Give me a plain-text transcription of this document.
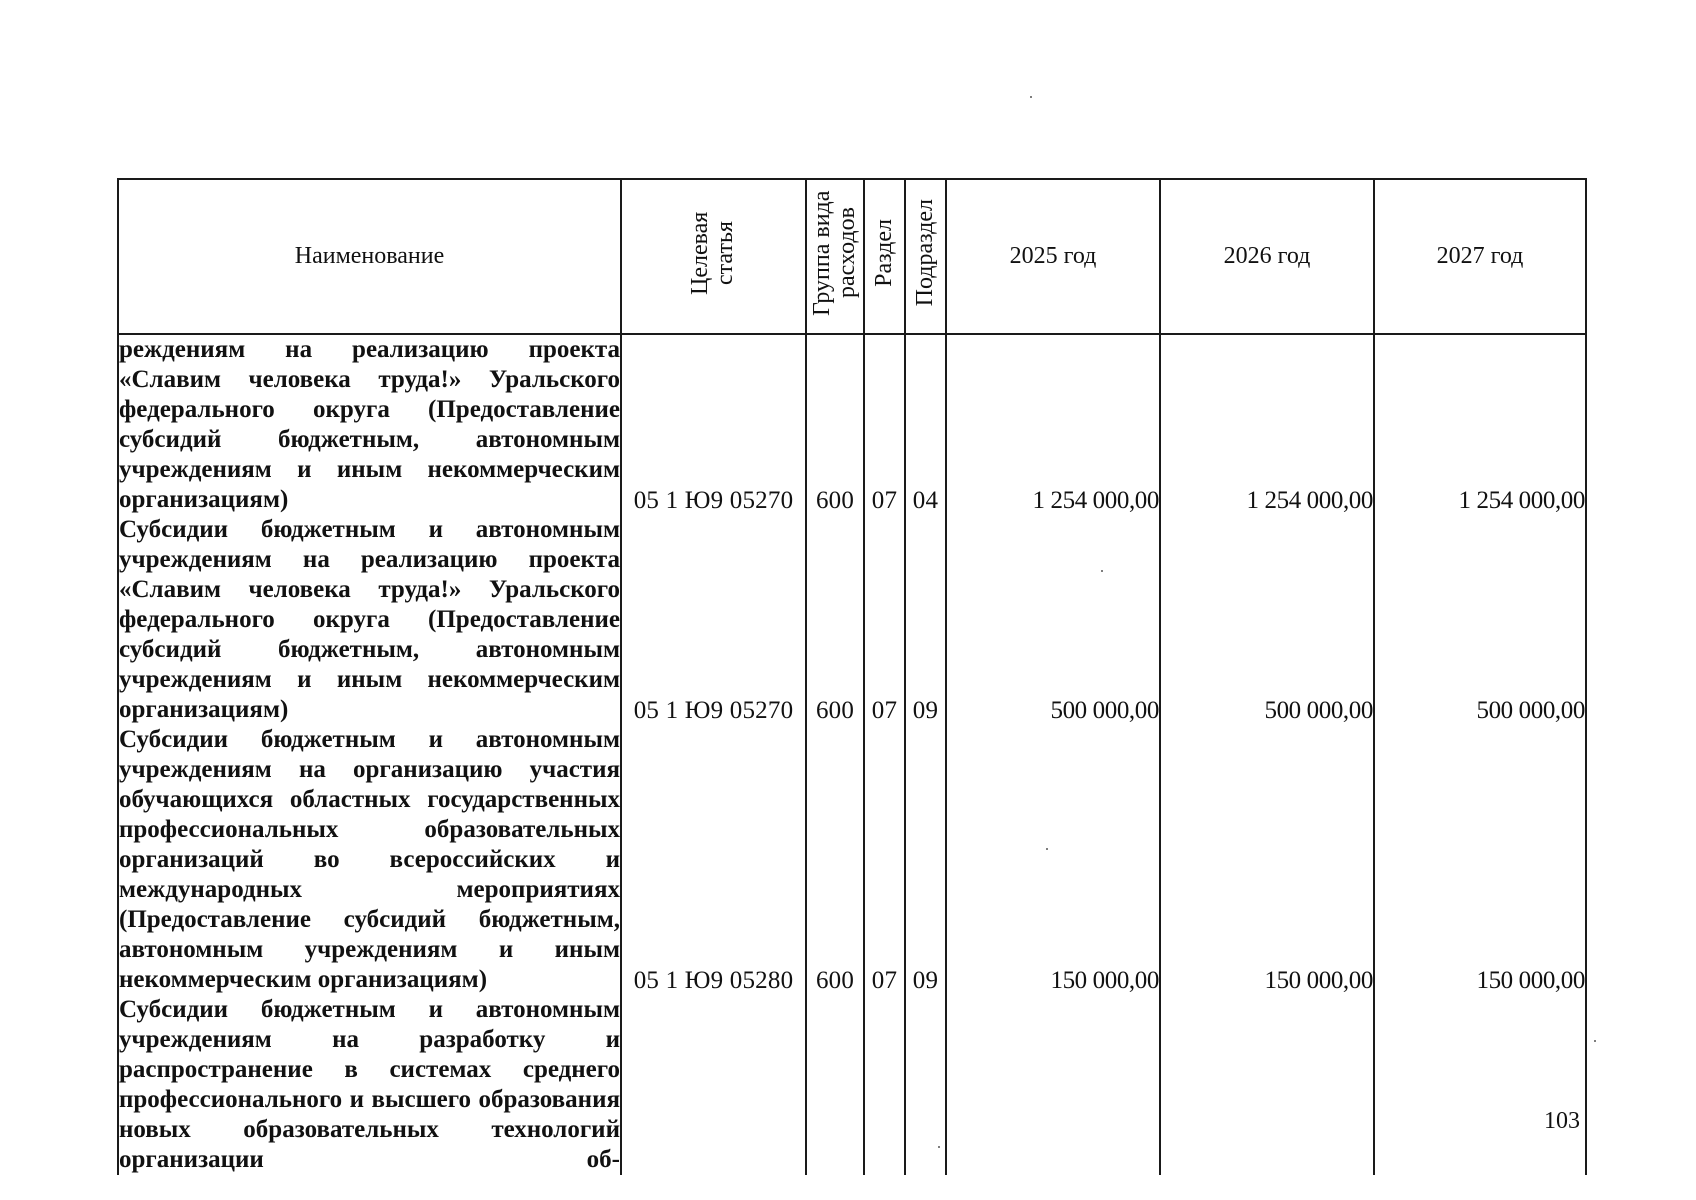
Наименование	Целевая статья	Группа вида расходов	Раздел	Подраздел	2025 год	2026 год	2027 год
реждениям на реализацию проекта «Славим человека труда!» Уральского федерального округа (Предоставление субсидий бюджетным, автономным учреждениям и иным некоммерческим организациям)	05 1 Ю9 05270	600	07	04	1 254 000,00	1 254 000,00	1 254 000,00
Субсидии бюджетным и автономным учреждениям на реализацию проекта «Славим человека труда!» Уральского федерального округа (Предоставление субсидий бюджетным, автономным учреждениям и иным некоммерческим организациям)	05 1 Ю9 05270	600	07	09	500 000,00	500 000,00	500 000,00
Субсидии бюджетным и автономным учреждениям на организацию участия обучающихся областных государственных профессиональных образовательных организаций во всероссийских и международных мероприятиях (Предоставление субсидий бюджетным, автономным учреждениям и иным некоммерческим организациям)	05 1 Ю9 05280	600	07	09	150 000,00	150 000,00	150 000,00
Субсидии бюджетным и автономным учреждениям на разработку и распространение в системах среднего профессионального и высшего образования новых образовательных технологий организации об-							
103
